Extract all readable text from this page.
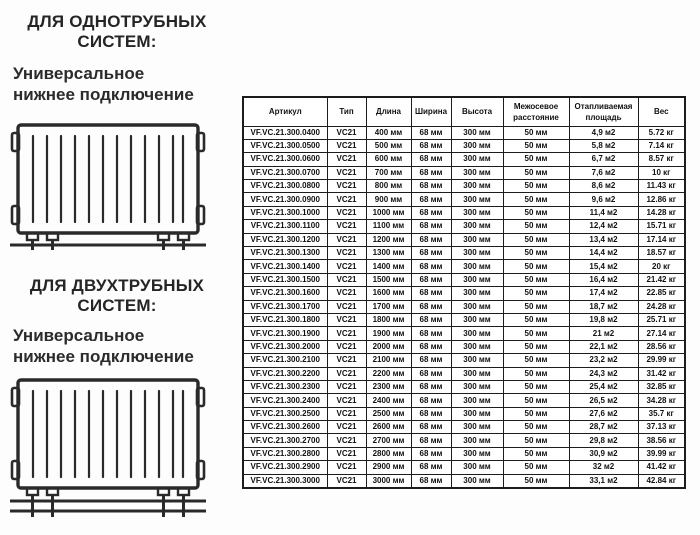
ДЛЯ ОДНОТРУБНЫХ
СИСТЕМ:
Универсальное
нижнее подключение
ДЛЯ ДВУХТРУБНЫХ
СИСТЕМ:
Универсальное
нижнее подключение
Артикул	Тип	Длина	Ширина	Высота	Межосевое расстояние	Отапливаемая площадь	Вес
VF.VC.21.300.0400	VC21	400 мм	68 мм	300 мм	50 мм	4,9 м2	5.72 кг
VF.VC.21.300.0500	VC21	500 мм	68 мм	300 мм	50 мм	5,8 м2	7.14 кг
VF.VC.21.300.0600	VC21	600 мм	68 мм	300 мм	50 мм	6,7 м2	8.57 кг
VF.VC.21.300.0700	VC21	700 мм	68 мм	300 мм	50 мм	7,6 м2	10 кг
VF.VC.21.300.0800	VC21	800 мм	68 мм	300 мм	50 мм	8,6 м2	11.43 кг
VF.VC.21.300.0900	VC21	900 мм	68 мм	300 мм	50 мм	9,6 м2	12.86 кг
VF.VC.21.300.1000	VC21	1000 мм	68 мм	300 мм	50 мм	11,4 м2	14.28 кг
VF.VC.21.300.1100	VC21	1100 мм	68 мм	300 мм	50 мм	12,4 м2	15.71 кг
VF.VC.21.300.1200	VC21	1200 мм	68 мм	300 мм	50 мм	13,4 м2	17.14 кг
VF.VC.21.300.1300	VC21	1300 мм	68 мм	300 мм	50 мм	14,4 м2	18.57 кг
VF.VC.21.300.1400	VC21	1400 мм	68 мм	300 мм	50 мм	15,4 м2	20 кг
VF.VC.21.300.1500	VC21	1500 мм	68 мм	300 мм	50 мм	16,4 м2	21.42 кг
VF.VC.21.300.1600	VC21	1600 мм	68 мм	300 мм	50 мм	17,4 м2	22.85 кг
VF.VC.21.300.1700	VC21	1700 мм	68 мм	300 мм	50 мм	18,7 м2	24.28 кг
VF.VC.21.300.1800	VC21	1800 мм	68 мм	300 мм	50 мм	19,8 м2	25.71 кг
VF.VC.21.300.1900	VC21	1900 мм	68 мм	300 мм	50 мм	21 м2	27.14 кг
VF.VC.21.300.2000	VC21	2000 мм	68 мм	300 мм	50 мм	22,1 м2	28.56 кг
VF.VC.21.300.2100	VC21	2100 мм	68 мм	300 мм	50 мм	23,2 м2	29.99 кг
VF.VC.21.300.2200	VC21	2200 мм	68 мм	300 мм	50 мм	24,3 м2	31.42 кг
VF.VC.21.300.2300	VC21	2300 мм	68 мм	300 мм	50 мм	25,4 м2	32.85 кг
VF.VC.21.300.2400	VC21	2400 мм	68 мм	300 мм	50 мм	26,5 м2	34.28 кг
VF.VC.21.300.2500	VC21	2500 мм	68 мм	300 мм	50 мм	27,6 м2	35.7 кг
VF.VC.21.300.2600	VC21	2600 мм	68 мм	300 мм	50 мм	28,7 м2	37.13 кг
VF.VC.21.300.2700	VC21	2700 мм	68 мм	300 мм	50 мм	29,8 м2	38.56 кг
VF.VC.21.300.2800	VC21	2800 мм	68 мм	300 мм	50 мм	30,9 м2	39.99 кг
VF.VC.21.300.2900	VC21	2900 мм	68 мм	300 мм	50 мм	32 м2	41.42 кг
VF.VC.21.300.3000	VC21	3000 мм	68 мм	300 мм	50 мм	33,1 м2	42.84 кг
